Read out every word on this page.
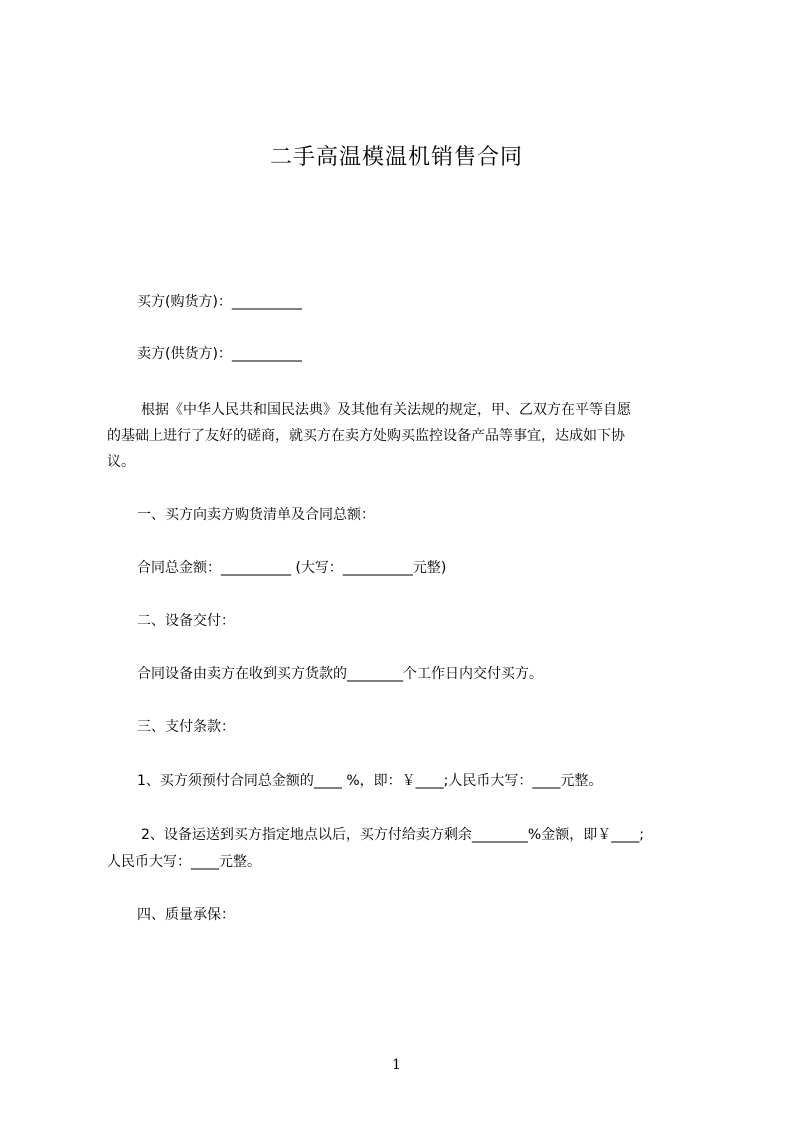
二手高温模温机销售合同
买方(购货方)：__________
卖方(供货方)：__________
根据《中华人民共和国民法典》及其他有关法规的规定，甲、乙双方在平等自愿
的基础上进行了友好的磋商，就买方在卖方处购买监控设备产品等事宜，达成如下协
议。
一、买方向卖方购货清单及合同总额：
合同总金额：__________ (大写：__________元整)
二、设备交付：
合同设备由卖方在收到买方货款的________个工作日内交付买方。
三、支付条款：
1、买方须预付合同总金额的____ %，即：￥____;人民币大写：____元整。
2、设备运送到买方指定地点以后，买方付给卖方剩余________%金额，即￥____;
人民币大写：____元整。
四、质量承保：
1
